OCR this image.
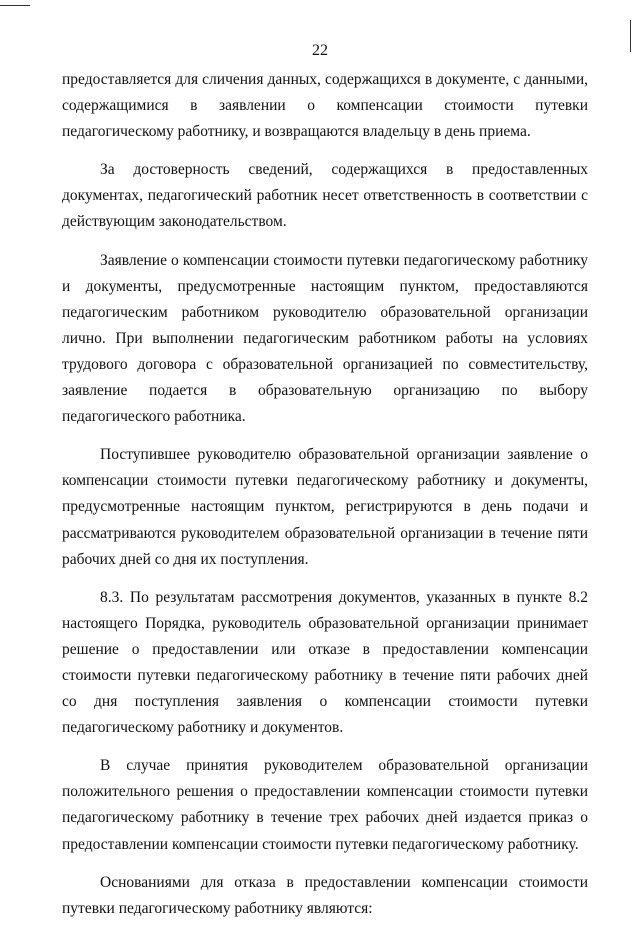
22

предоставляется для сличения данных, содержащихся в документе, с данными, содержащимися в заявлении о компенсации стоимости путевки педагогическому работнику, и возвращаются владельцу в день приема.

За достоверность сведений, содержащихся в предоставленных документах, педагогический работник несет ответственность в соответствии с действующим законодательством.

Заявление о компенсации стоимости путевки педагогическому работнику и документы, предусмотренные настоящим пунктом, предоставляются педагогическим работником руководителю образовательной организации лично. При выполнении педагогическим работником работы на условиях трудового договора с образовательной организацией по совместительству, заявление подается в образовательную организацию по выбору педагогического работника.

Поступившее руководителю образовательной организации заявление о компенсации стоимости путевки педагогическому работнику и документы, предусмотренные настоящим пунктом, регистрируются в день подачи и рассматриваются руководителем образовательной организации в течение пяти рабочих дней со дня их поступления.

8.3. По результатам рассмотрения документов, указанных в пункте 8.2 настоящего Порядка, руководитель образовательной организации принимает решение о предоставлении или отказе в предоставлении компенсации стоимости путевки педагогическому работнику в течение пяти рабочих дней со дня поступления заявления о компенсации стоимости путевки педагогическому работнику и документов.

В случае принятия руководителем образовательной организации положительного решения о предоставлении компенсации стоимости путевки педагогическому работнику в течение трех рабочих дней издается приказ о предоставлении компенсации стоимости путевки педагогическому работнику.

Основаниями для отказа в предоставлении компенсации стоимости путевки педагогическому работнику являются:
